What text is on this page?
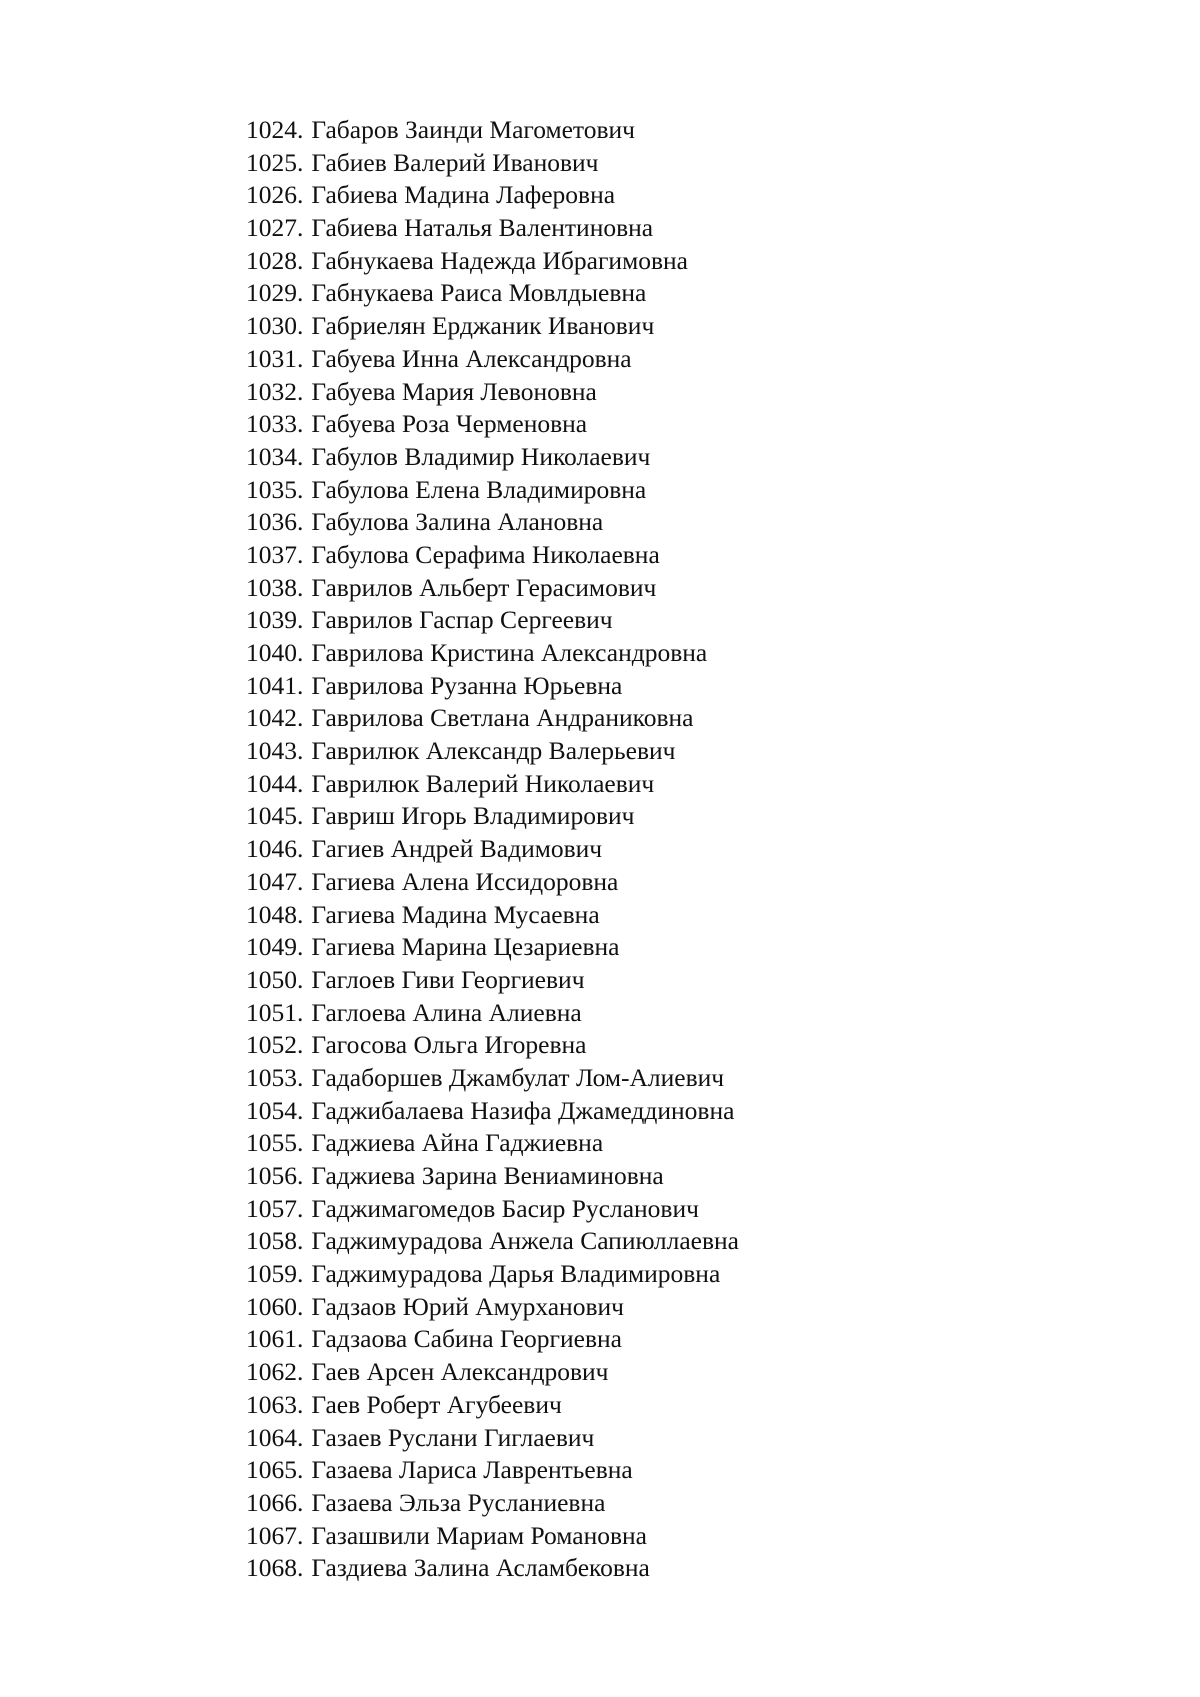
1024. Габаров Заинди Магометович
1025. Габиев Валерий Иванович
1026. Габиева Мадина Лаферовна
1027. Габиева Наталья Валентиновна
1028. Габнукаева Надежда Ибрагимовна
1029. Габнукаева Раиса Мовлдыевна
1030. Габриелян Ерджаник Иванович
1031. Габуева Инна Александровна
1032. Габуева Мария Левоновна
1033. Габуева Роза Черменовна
1034. Габулов Владимир Николаевич
1035. Габулова Елена Владимировна
1036. Габулова Залина Алановна
1037. Габулова Серафима Николаевна
1038. Гаврилов Альберт Герасимович
1039. Гаврилов Гаспар Сергеевич
1040. Гаврилова Кристина Александровна
1041. Гаврилова Рузанна Юрьевна
1042. Гаврилова Светлана Андраниковна
1043. Гаврилюк Александр Валерьевич
1044. Гаврилюк Валерий Николаевич
1045. Гавриш Игорь Владимирович
1046. Гагиев Андрей Вадимович
1047. Гагиева Алена Иссидоровна
1048. Гагиева Мадина Мусаевна
1049. Гагиева Марина Цезариевна
1050. Гаглоев Гиви Георгиевич
1051. Гаглоева Алина Алиевна
1052. Гагосова Ольга Игоревна
1053. Гадаборшев Джамбулат Лом-Алиевич
1054. Гаджибалаева Назифа Джамеддиновна
1055. Гаджиева Айна Гаджиевна
1056. Гаджиева Зарина Вениаминовна
1057. Гаджимагомедов Басир Русланович
1058. Гаджимурадова Анжела Сапиюллаевна
1059. Гаджимурадова Дарья Владимировна
1060. Гадзаов Юрий Амурханович
1061. Гадзаова Сабина Георгиевна
1062. Гаев Арсен Александрович
1063. Гаев Роберт Агубеевич
1064. Газаев Руслани Гиглаевич
1065. Газаева Лариса Лаврентьевна
1066. Газаева Эльза Русланиевна
1067. Газашвили Мариам Романовна
1068. Газдиева Залина Асламбековна
